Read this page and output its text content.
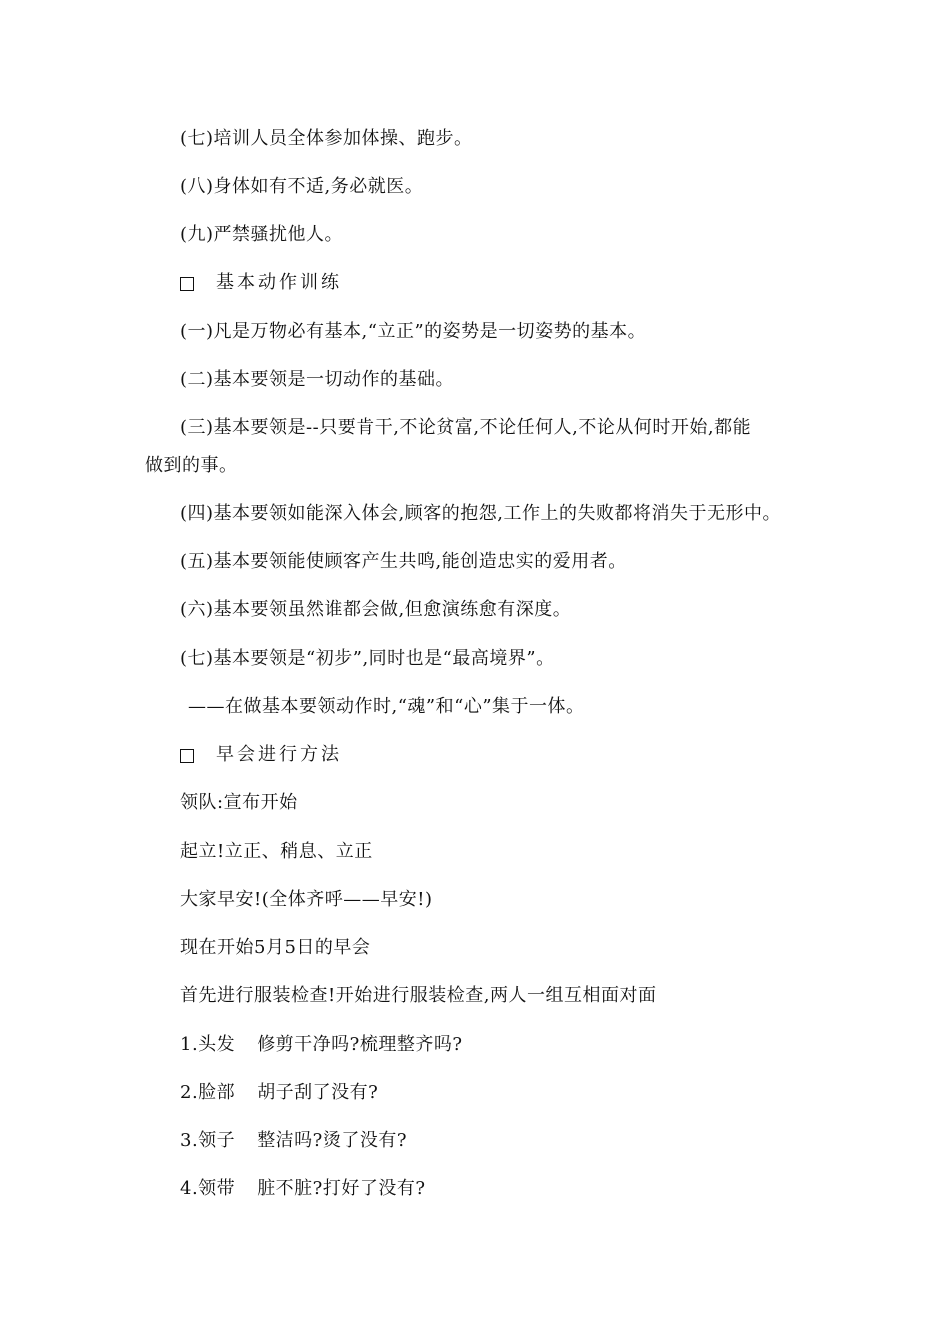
(七)培训人员全体参加体操、跑步。
(八)身体如有不适,务必就医。
(九)严禁骚扰他人。
基本动作训练
(一)凡是万物必有基本,“立正”的姿势是一切姿势的基本。
(二)基本要领是一切动作的基础。
(三)基本要领是--只要肯干,不论贫富,不论任何人,不论从何时开始,都能
做到的事。
(四)基本要领如能深入体会,顾客的抱怨,工作上的失败都将消失于无形中。
(五)基本要领能使顾客产生共鸣,能创造忠实的爱用者。
(六)基本要领虽然谁都会做,但愈演练愈有深度。
(七)基本要领是“初步”,同时也是“最高境界”。
——在做基本要领动作时,“魂”和“心”集于一体。
早会进行方法
领队:宣布开始
起立!立正、稍息、立正
大家早安!(全体齐呼——早安!)
现在开始5月5日的早会
首先进行服装检查!开始进行服装检查,两人一组互相面对面
1.头发 修剪干净吗?梳理整齐吗?
2.脸部 胡子刮了没有?
3.领子 整洁吗?烫了没有?
4.领带 脏不脏?打好了没有?
